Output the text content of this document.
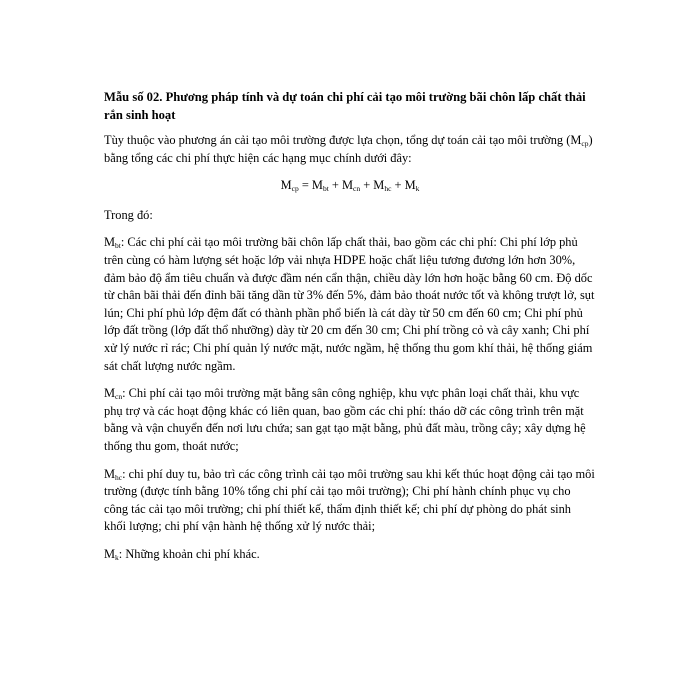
Mẫu số 02. Phương pháp tính và dự toán chi phí cải tạo môi trường bãi chôn lấp chất thải rắn sinh hoạt

Tùy thuộc vào phương án cải tạo môi trường được lựa chọn, tổng dự toán cải tạo môi trường $(M_{cp})$ bằng tổng các chi phí thực hiện các hạng mục chính dưới đây:

$M_{cp} = M_{bt} + M_{cn} + M_{hc} + M_k$

Trong đó:

$M_{bt}$: Các chi phí cải tạo môi trường bãi chôn lấp chất thải, bao gồm các chi phí: Chi phí lớp phủ trên cùng có hàm lượng sét hoặc lớp vải nhựa HDPE hoặc chất liệu tương đương lớn hơn 30%, đảm bảo độ ẩm tiêu chuẩn và được đầm nén cẩn thận, chiều dày lớn hơn hoặc bằng 60 cm. Độ dốc từ chân bãi thải đến đỉnh bãi tăng dần từ 3% đến 5%, đảm bảo thoát nước tốt và không trượt lở, sụt lún; Chi phí phủ lớp đệm đất có thành phần phổ biến là cát dày từ 50 cm đến 60 cm; Chi phí phủ lớp đất trồng (lớp đất thổ nhưỡng) dày từ 20 cm đến 30 cm; Chi phí trồng cỏ và cây xanh; Chi phí xử lý nước rỉ rác; Chi phí quản lý nước mặt, nước ngầm, hệ thống thu gom khí thải, hệ thống giám sát chất lượng nước ngầm.

$M_{cn}$: Chi phí cải tạo môi trường mặt bằng sân công nghiệp, khu vực phân loại chất thải, khu vực phụ trợ và các hoạt động khác có liên quan, bao gồm các chi phí: tháo dỡ các công trình trên mặt bằng và vận chuyển đến nơi lưu chứa; san gạt tạo mặt bằng, phủ đất màu, trồng cây; xây dựng hệ thống thu gom, thoát nước;

$M_{hc}$: chi phí duy tu, bảo trì các công trình cải tạo môi trường sau khi kết thúc hoạt động cải tạo môi trường (được tính bằng 10% tổng chi phí cải tạo môi trường); Chi phí hành chính phục vụ cho công tác cải tạo môi trường; chi phí thiết kế, thẩm định thiết kế; chi phí dự phòng do phát sinh khối lượng; chi phí vận hành hệ thống xử lý nước thải;

$M_k$: Những khoản chi phí khác.
